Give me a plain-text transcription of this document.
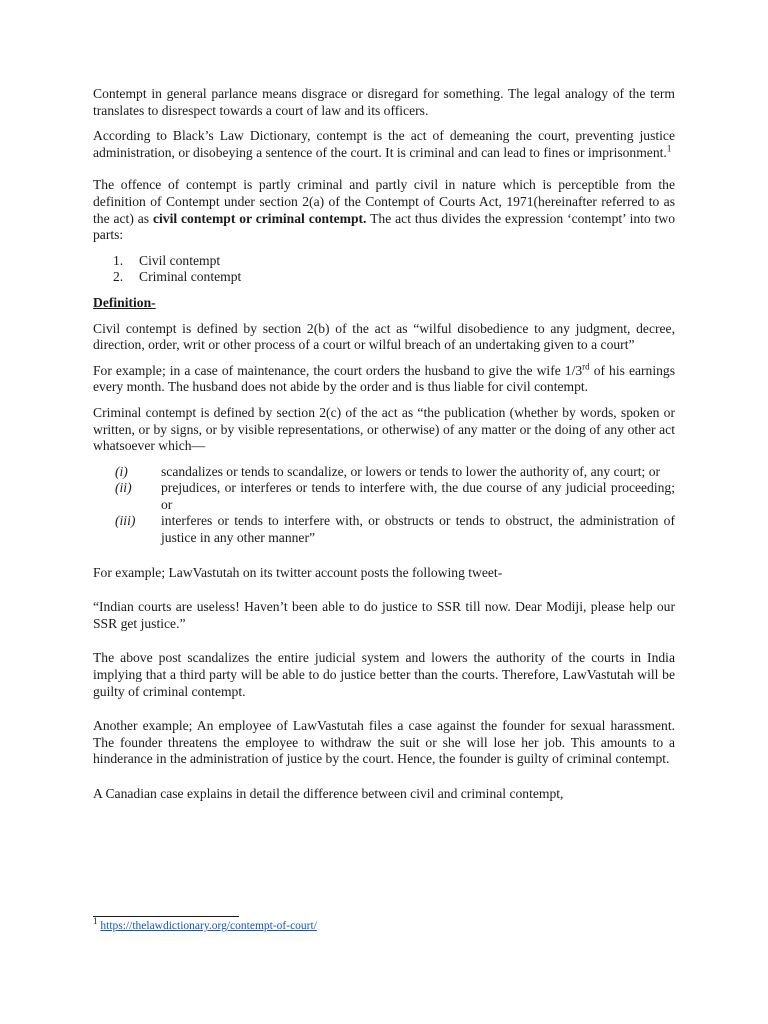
Contempt in general parlance means disgrace or disregard for something. The legal analogy of the term translates to disrespect towards a court of law and its officers.

According to Black’s Law Dictionary, contempt is the act of demeaning the court, preventing justice administration, or disobeying a sentence of the court. It is criminal and can lead to fines or imprisonment.$^1$

The offence of contempt is partly criminal and partly civil in nature which is perceptible from the definition of Contempt under section 2(a) of the Contempt of Courts Act, 1971(hereinafter referred to as the act) as civil contempt or criminal contempt. The act thus divides the expression ‘contempt’ into two parts:

1.	Civil contempt
2.	Criminal contempt

Definition-

Civil contempt is defined by section 2(b) of the act as “wilful disobedience to any judgment, decree, direction, order, writ or other process of a court or wilful breach of an undertaking given to a court”

For example; in a case of maintenance, the court orders the husband to give the wife 1/3rd of his earnings every month. The husband does not abide by the order and is thus liable for civil contempt.

Criminal contempt is defined by section 2(c) of the act as “the publication (whether by words, spoken or written, or by signs, or by visible representations, or otherwise) of any matter or the doing of any other act whatsoever which—

(i)	scandalizes or tends to scandalize, or lowers or tends to lower the authority of, any court; or
(ii)	prejudices, or interferes or tends to interfere with, the due course of any judicial proceeding; or
(iii)	interferes or tends to interfere with, or obstructs or tends to obstruct, the administration of justice in any other manner”

For example; LawVastutah on its twitter account posts the following tweet-

“Indian courts are useless! Haven’t been able to do justice to SSR till now. Dear Modiji, please help our SSR get justice.”

The above post scandalizes the entire judicial system and lowers the authority of the courts in India implying that a third party will be able to do justice better than the courts. Therefore, LawVastutah will be guilty of criminal contempt.

Another example; An employee of LawVastutah files a case against the founder for sexual harassment. The founder threatens the employee to withdraw the suit or she will lose her job. This amounts to a hinderance in the administration of justice by the court. Hence, the founder is guilty of criminal contempt.

A Canadian case explains in detail the difference between civil and criminal contempt,

$^1$ https://thelawdictionary.org/contempt-of-court/
